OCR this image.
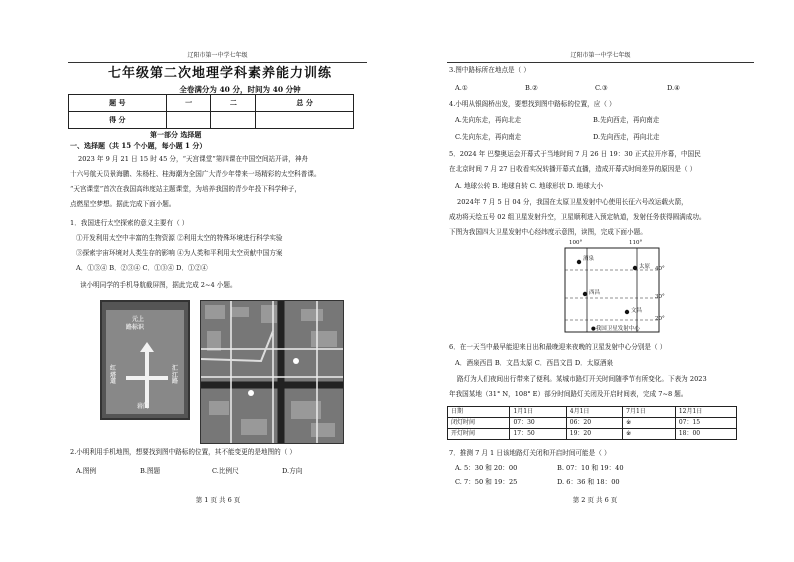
辽阳市第一中学七年级
七年级第二次地理学科素养能力训练
全卷满分为 40 分，时间为 40 分钟
题 号	一	二	总 分
得 分			
第一部分 选择题
一、选择题（共 15 个小题，每小题 1 分）
2023 年 9 月 21 日 15 时 45 分，“天宫课堂”第四课在中国空间站开讲，神舟
十六号航天员景海鹏、朱杨柱、桂海潮为全国广大青少年带来一场精彩的太空科普课。
“天宫课堂”首次在我国高纬度站主题课堂，为培养我国的青少年投下科学种子，
点燃星空梦想。据此完成下面小题。
1．我国进行太空探索的意义主要有（ ）
①开发利用太空中丰富的生物资源 ②利用太空的特殊环境进行科学实验
③探索宇宙环境对人类生存的影响 ④为人类和平利用太空贡献中国方案
A．①③④ B．②③④ C．①③④ D．①②④
读小明同学的手机导航截屏图，据此完成 2~4 小题。
元上
路标识
红塔道
汇江路
岩门
2.小明利用手机地图，想要找到图中路标的位置，其不能变更的是地图的（ ）
A.图例	B.图题	C.比例尺	D.方向
第 1 页 共 6 页
辽阳市第一中学七年级
3.图中路标所在地点是（ ）
A.①	B.②	C.③	D.④
4.小明从银阁桥出发，要想找到图中路标的位置，应（ ）
A.先向东走，再向北走	B.先向西走，再向南走
C.先向东走，再向南走	D.先向西走，再向北走
5．2024 年 巴黎奥运会开幕式于当地时间 7 月 26 日 19：30 正式拉开序幕，中国民
在北京时间 7 月 27 日收看实况转播开幕式直播，造成开幕式时间差异的原因是（ ）
A. 地球公转 B. 地球自转 C. 地球形状 D. 地球大小
2024年 7 月 5 日 04 分，我国在太原卫星发射中心使用长征六号改运载火箭，
成功将天绘五号 02 组卫星发射升空，卫星顺利进入预定轨道，发射任务获得圆满成功。
下图为我国四大卫星发射中心经纬度示意图，读图，完成下面小题。
100°	110°
40°
30°
20°
酒泉
太原
西昌
文昌
●我国卫星发射中心
6．在一天当中最早能迎来日出和最晚迎来夜晚的卫星发射中心分别是（ ）
A．酒泉西昌 B．文昌太原 C．西昌文昌 D．太原酒泉
路灯为人们夜间出行带来了便利。某城市路灯开关时间随季节有所变化。下表为 2023
年我国某地（31° N，108° E）部分时间路灯关闭及开启时间表，完成 7~8 题。
日期	1月1日	4月1日	7月1日	12月1日
闭灯时间	07：30	06：20	※	07：15
开灯时间	17：50	19：20	※	18：00
7．推测 7 月 1 日该地路灯关闭和开启时间可能是（ ）
A. 5：30 和 20：00	B. 07：10 和 19：40
C. 7：50 和 19：25	D. 6：36 和 18：00
第 2 页 共 6 页
